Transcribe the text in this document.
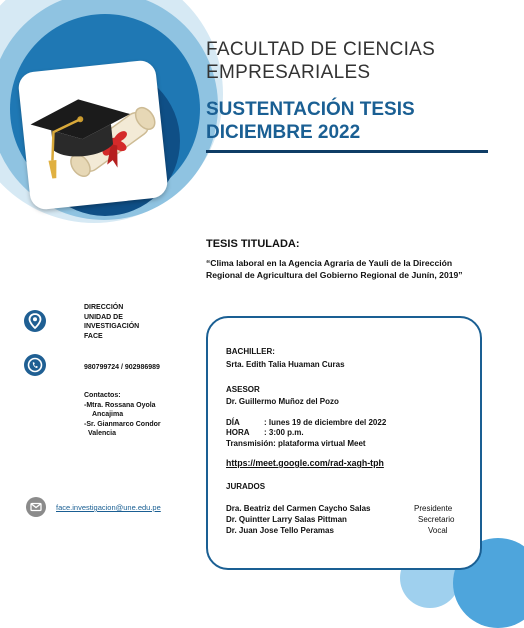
FACULTAD DE CIENCIAS
EMPRESARIALES
SUSTENTACIÓN TESIS
DICIEMBRE 2022
TESIS TITULADA:
“Clima laboral en la Agencia Agraria de Yauli de la Dirección
Regional de Agricultura del Gobierno Regional de Junín, 2019”
DIRECCIÓN
UNIDAD DE
INVESTIGACIÓN
FACE
980799724 / 902986989
Contactos:
-Mtra. Rossana Oyola
Ancajima
-Sr. Gianmarco Condor
Valencia
face.investigacion@une.edu.pe
BACHILLER:
Srta. Edith Talia Huaman Curas
ASESOR
Dr. Guillermo Muñoz del Pozo
DÍA	: lunes 19 de diciembre del 2022
HORA : 3:00 p.m.
Transmisión: plataforma virtual Meet
https://meet.google.com/rad-xagh-tph
JURADOS
Dra. Beatriz del Carmen Caycho Salas	Presidente
Dr. Quintter Larry Salas Pittman	Secretario
Dr. Juan Jose Tello Peramas	Vocal
